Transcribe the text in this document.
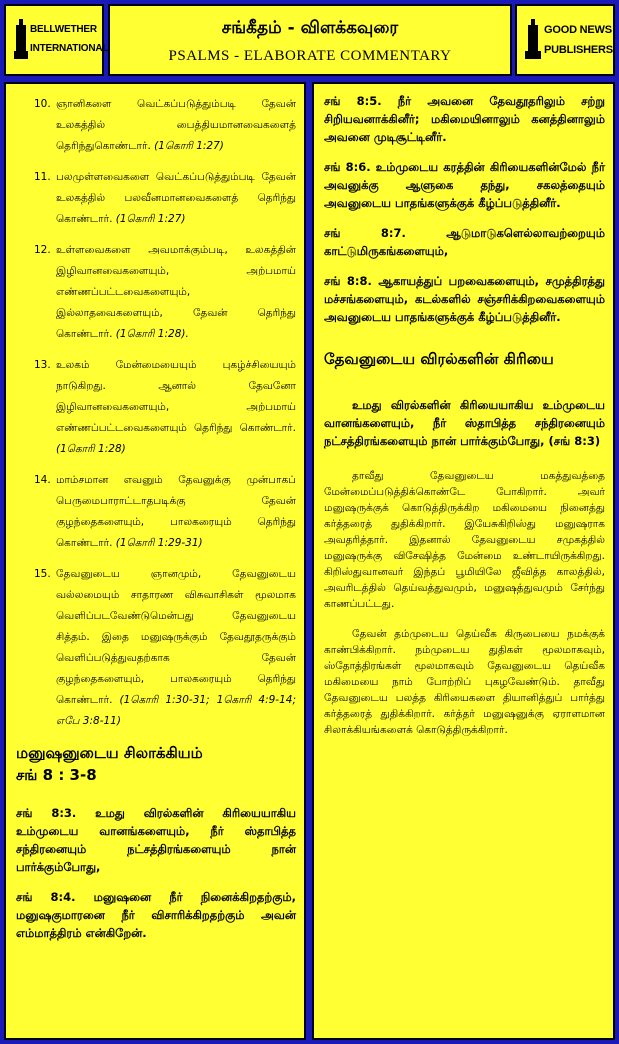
BELLWETHER
INTERNATIONAL
சங்கீதம் - விளக்கவுரை
PSALMS - ELABORATE COMMENTARY
GOOD NEWS
PUBLISHERS
10. ஞானிகளை வெட்கப்படுத்தும்படி தேவன் உலகத்தில் பைத்தியமானவைகளைத் தெரிந்துகொண்டார். (1கொரி 1:27)
11. பலமுள்ளவைகளை வெட்கப்படுத்தும்படி தேவன் உலகத்தில் பலவீனமானவைகளைத் தெரிந்து கொண்டார். (1கொரி 1:27)
12. உள்ளவைகளை அவமாக்கும்படி, உலகத்தின் இழிவானவைகளையும், அற்பமாய் எண்ணப்பட்டவைகளையும், இல்லாதவைகளையும், தேவன் தெரிந்து கொண்டார். (1கொரி 1:28).
13. உலகம் மேன்மையையும் புகழ்ச்சியையும் நாடுகிறது. ஆனால் தேவனோ இழிவானவைகளையும், அற்பமாய் எண்ணப்பட்டவைகளையும் தெரிந்து கொண்டார். (1கொரி 1:28)
14. மாம்சமான எவனும் தேவனுக்கு முன்பாகப் பெருமைபாராட்டாதபடிக்கு தேவன் குழந்தைகளையும், பாலகரையும் தெரிந்து கொண்டார். (1கொரி 1:29-31)
15. தேவனுடைய ஞானமும், தேவனுடைய வல்லமையும் சாதாரண விசுவாசிகள் மூலமாக வெளிப்படவேண்டுமென்பது தேவனுடைய சித்தம். இதை மனுஷருக்கும் தேவதூதருக்கும் வெளிப்படுத்துவதற்காக தேவன் குழந்தைகளையும், பாலகரையும் தெரிந்து கொண்டார். (1கொரி 1:30-31; 1கொரி 4:9-14; எபே 3:8-11)
மனுஷனுடைய சிலாக்கியம்
சங் 8 : 3-8

சங் 8:3. உமது விரல்களின் கிரியையாகிய உம்முடைய வானங்களையும், நீர் ஸ்தாபித்த சந்திரனையும் நட்சத்திரங்களையும் நான் பார்க்கும்போது,

சங் 8:4. மனுஷனை நீர் நினைக்கிறதற்கும், மனுஷகுமாரனை நீர் விசாரிக்கிறதற்கும் அவன் எம்மாத்திரம் என்கிறேன்.

சங் 8:5. நீர் அவனை தேவதூதரிலும் சற்று சிறியவனாக்கினீர்; மகிமையினாலும் கனத்தினாலும் அவனை முடிசூட்டினீர்.

சங் 8:6. உம்முடைய கரத்தின் கிரியைகளின்மேல் நீர் அவனுக்கு ஆளுகை தந்து, சகலத்தையும் அவனுடைய பாதங்களுக்குக் கீழ்ப்படுத்தினீர்.

சங் 8:7. ஆடுமாடுகளெல்லாவற்றையும் காட்டுமிருகங்களையும்,

சங் 8:8. ஆகாயத்துப் பறவைகளையும், சமுத்திரத்து மச்சங்களையும், கடல்களில் சஞ்சரிக்கிறவைகளையும் அவனுடைய பாதங்களுக்குக் கீழ்ப்படுத்தினீர்.

தேவனுடைய விரல்களின் கிரியை

உமது விரல்களின் கிரியையாகிய உம்முடைய வானங்களையும், நீர் ஸ்தாபித்த சந்திரனையும் நட்சத்திரங்களையும் நான் பார்க்கும்போது, (சங் 8:3)

தாவீது தேவனுடைய மகத்துவத்தை மேன்மைப்படுத்திக்கொண்டே போகிறார். அவர் மனுஷருக்குக் கொடுத்திருக்கிற மகிமையை நினைத்து கர்த்தரைத் துதிக்கிறார். இயேசுகிறிஸ்து மனுஷராக அவதரித்தார். இதனால் தேவனுடைய சமுகத்தில் மனுஷருக்கு விசேஷித்த மேன்மை உண்டாயிருக்கிறது. கிறிஸ்துவானவர் இந்தப் பூமியிலே ஜீவித்த காலத்தில், அவரிடத்தில் தெய்வத்துவமும், மனுஷத்துவமும் சேர்ந்து காணப்பட்டது.

தேவன் தம்முடைய தெய்வீக கிருபையை நமக்குக் காண்பிக்கிறார். நம்முடைய துதிகள் மூலமாகவும், ஸ்தோத்திரங்கள் மூலமாகவும் தேவனுடைய தெய்வீக மகிமையை நாம் போற்றிப் புகழவேண்டும். தாவீது தேவனுடைய பலத்த கிரியைகளை தியானித்துப் பார்த்து கர்த்தரைத் துதிக்கிறார். கர்த்தர் மனுஷனுக்கு ஏராளமான சிலாக்கியங்களைக் கொடுத்திருக்கிறார்.
